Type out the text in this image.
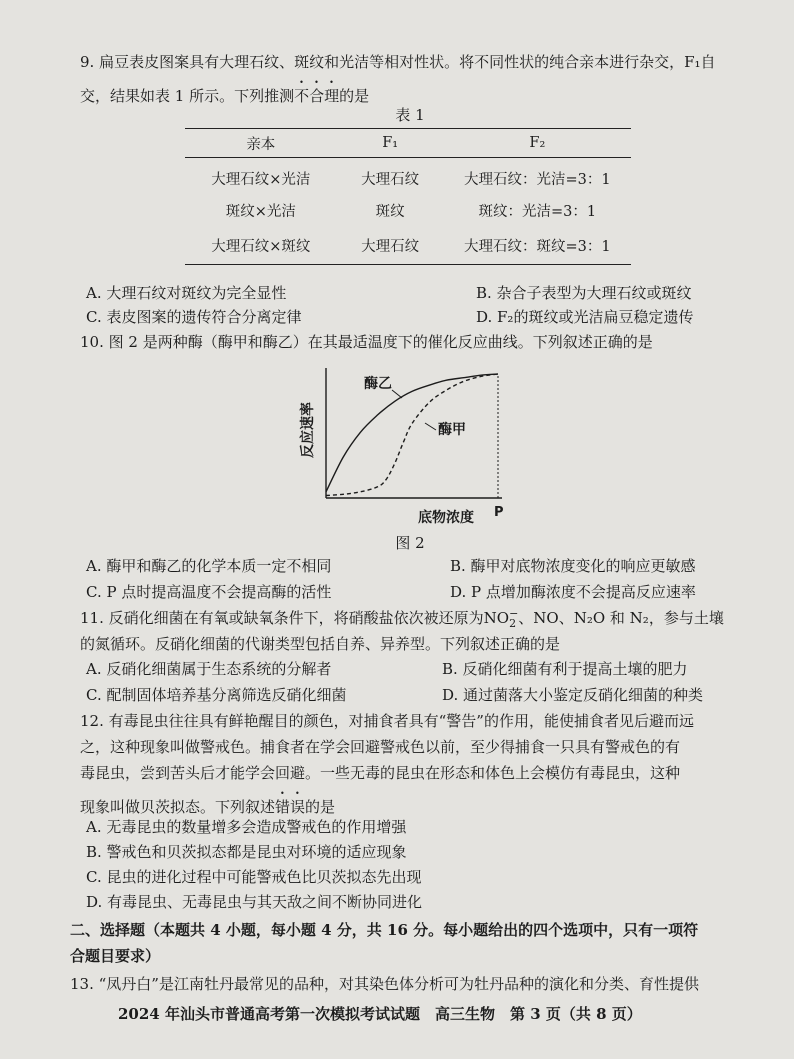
9. 扁豆表皮图案具有大理石纹、斑纹和光洁等相对性状。将不同性状的纯合亲本进行杂交，F₁自
交，结果如表 1 所示。下列推测不合理的是
表 1
亲本	F₁	F₂
大理石纹×光洁	大理石纹	大理石纹：光洁=3：1
斑纹×光洁	斑纹	斑纹：光洁=3：1
大理石纹×斑纹	大理石纹	大理石纹：斑纹=3：1
A. 大理石纹对斑纹为完全显性	B. 杂合子表型为大理石纹或斑纹
C. 表皮图案的遗传符合分离定律	D. F₂的斑纹或光洁扁豆稳定遗传
10. 图 2 是两种酶（酶甲和酶乙）在其最适温度下的催化反应曲线。下列叙述正确的是
酶乙
酶甲
反应速率
底物浓度 P
图 2
A. 酶甲和酶乙的化学本质一定不相同	B. 酶甲对底物浓度变化的响应更敏感
C. P 点时提高温度不会提高酶的活性	D. P 点增加酶浓度不会提高反应速率
11. 反硝化细菌在有氧或缺氧条件下，将硝酸盐依次被还原为NO −
2 、NO、N₂O 和 N₂，参与土壤
的氮循环。反硝化细菌的代谢类型包括自养、异养型。下列叙述正确的是
A. 反硝化细菌属于生态系统的分解者	B. 反硝化细菌有利于提高土壤的肥力
C. 配制固体培养基分离筛选反硝化细菌	D. 通过菌落大小鉴定反硝化细菌的种类
12. 有毒昆虫往往具有鲜艳醒目的颜色，对捕食者具有“警告”的作用，能使捕食者见后避而远
之，这种现象叫做警戒色。捕食者在学会回避警戒色以前，至少得捕食一只具有警戒色的有
毒昆虫，尝到苦头后才能学会回避。一些无毒的昆虫在形态和体色上会模仿有毒昆虫，这种
现象叫做贝茨拟态。下列叙述错误的是
A. 无毒昆虫的数量增多会造成警戒色的作用增强
B. 警戒色和贝茨拟态都是昆虫对环境的适应现象
C. 昆虫的进化过程中可能警戒色比贝茨拟态先出现
D. 有毒昆虫、无毒昆虫与其天敌之间不断协同进化
二、选择题（本题共 4 小题，每小题 4 分，共 16 分。每小题给出的四个选项中，只有一项符
合题目要求）
13. “凤丹白”是江南牡丹最常见的品种，对其染色体分析可为牡丹品种的演化和分类、育性提供
2024 年汕头市普通高考第一次模拟考试试题　高三生物　第 3 页（共 8 页）
